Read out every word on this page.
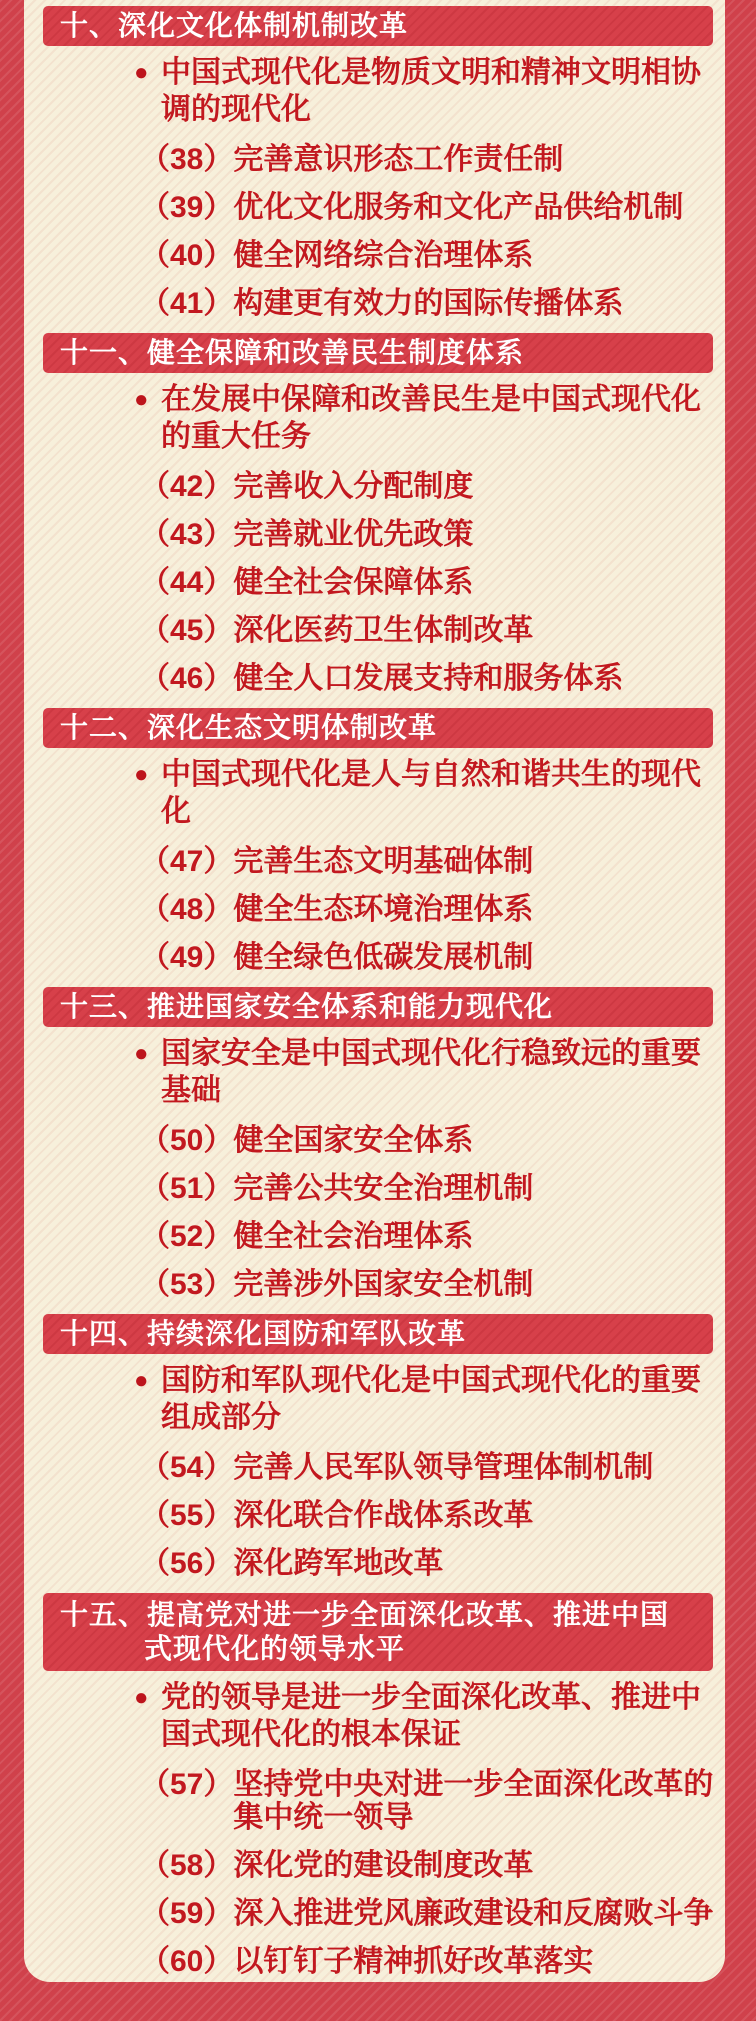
十、深化文化体制机制改革
● 中国式现代化是物质文明和精神文明相协
调的现代化
（38） 完善意识形态工作责任制
（39） 优化文化服务和文化产品供给机制
（40） 健全网络综合治理体系
（41） 构建更有效力的国际传播体系
十一、健全保障和改善民生制度体系
● 在发展中保障和改善民生是中国式现代化
的重大任务
（42） 完善收入分配制度
（43） 完善就业优先政策
（44） 健全社会保障体系
（45） 深化医药卫生体制改革
（46） 健全人口发展支持和服务体系
十二、深化生态文明体制改革
● 中国式现代化是人与自然和谐共生的现代
化
（47） 完善生态文明基础体制
（48） 健全生态环境治理体系
（49） 健全绿色低碳发展机制
十三、推进国家安全体系和能力现代化
● 国家安全是中国式现代化行稳致远的重要
基础
（50） 健全国家安全体系
（51） 完善公共安全治理机制
（52） 健全社会治理体系
（53） 完善涉外国家安全机制
十四、持续深化国防和军队改革
● 国防和军队现代化是中国式现代化的重要
组成部分
（54） 完善人民军队领导管理体制机制
（55） 深化联合作战体系改革
（56） 深化跨军地改革
十五、提高党对进一步全面深化改革、推进中国
式现代化的领导水平
● 党的领导是进一步全面深化改革、推进中
国式现代化的根本保证
（57） 坚持党中央对进一步全面深化改革的
集中统一领导
（58） 深化党的建设制度改革
（59） 深入推进党风廉政建设和反腐败斗争
（60） 以钉钉子精神抓好改革落实
